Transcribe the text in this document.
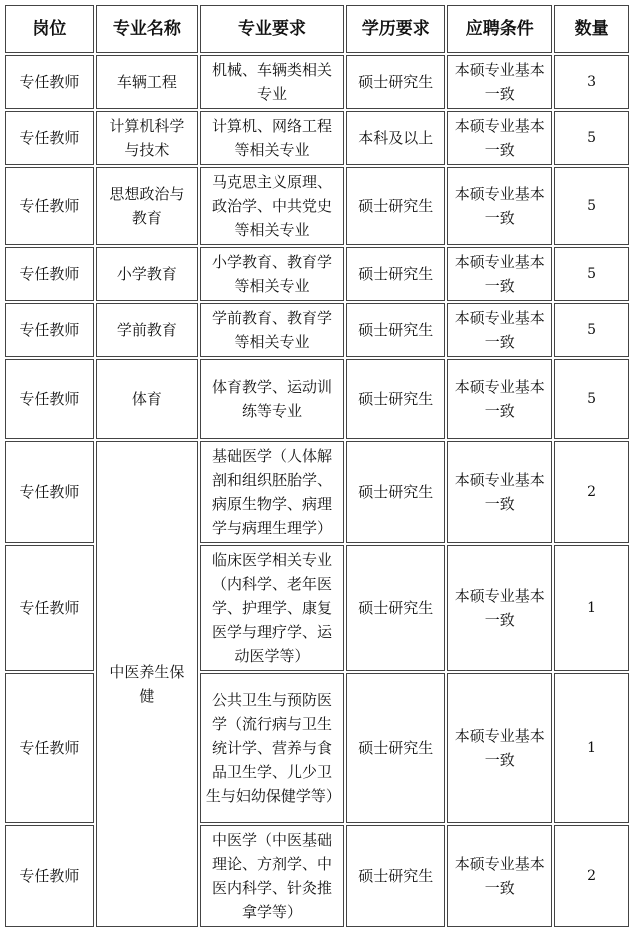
岗位	专业名称	专业要求	学历要求	应聘条件	数量
专任教师	车辆工程	机械、车辆类相关专业	硕士研究生	本硕专业基本一致	3
专任教师	计算机科学与技术	计算机、网络工程等相关专业	本科及以上	本硕专业基本一致	5
专任教师	思想政治与教育	马克思主义原理、政治学、中共党史等相关专业	硕士研究生	本硕专业基本一致	5
专任教师	小学教育	小学教育、教育学等相关专业	硕士研究生	本硕专业基本一致	5
专任教师	学前教育	学前教育、教育学等相关专业	硕士研究生	本硕专业基本一致	5
专任教师	体育	体育教学、运动训练等专业	硕士研究生	本硕专业基本一致	5
专任教师	中医养生保健	基础医学（人体解剖和组织胚胎学、病原生物学、病理学与病理生理学）	硕士研究生	本硕专业基本一致	2
专任教师		临床医学相关专业（内科学、老年医学、护理学、康复医学与理疗学、运动医学等）	硕士研究生	本硕专业基本一致	1
专任教师		公共卫生与预防医学（流行病与卫生统计学、营养与食品卫生学、儿少卫生与妇幼保健学等）	硕士研究生	本硕专业基本一致	1
专任教师		中医学（中医基础理论、方剂学、中医内科学、针灸推拿学等）	硕士研究生	本硕专业基本一致	2
